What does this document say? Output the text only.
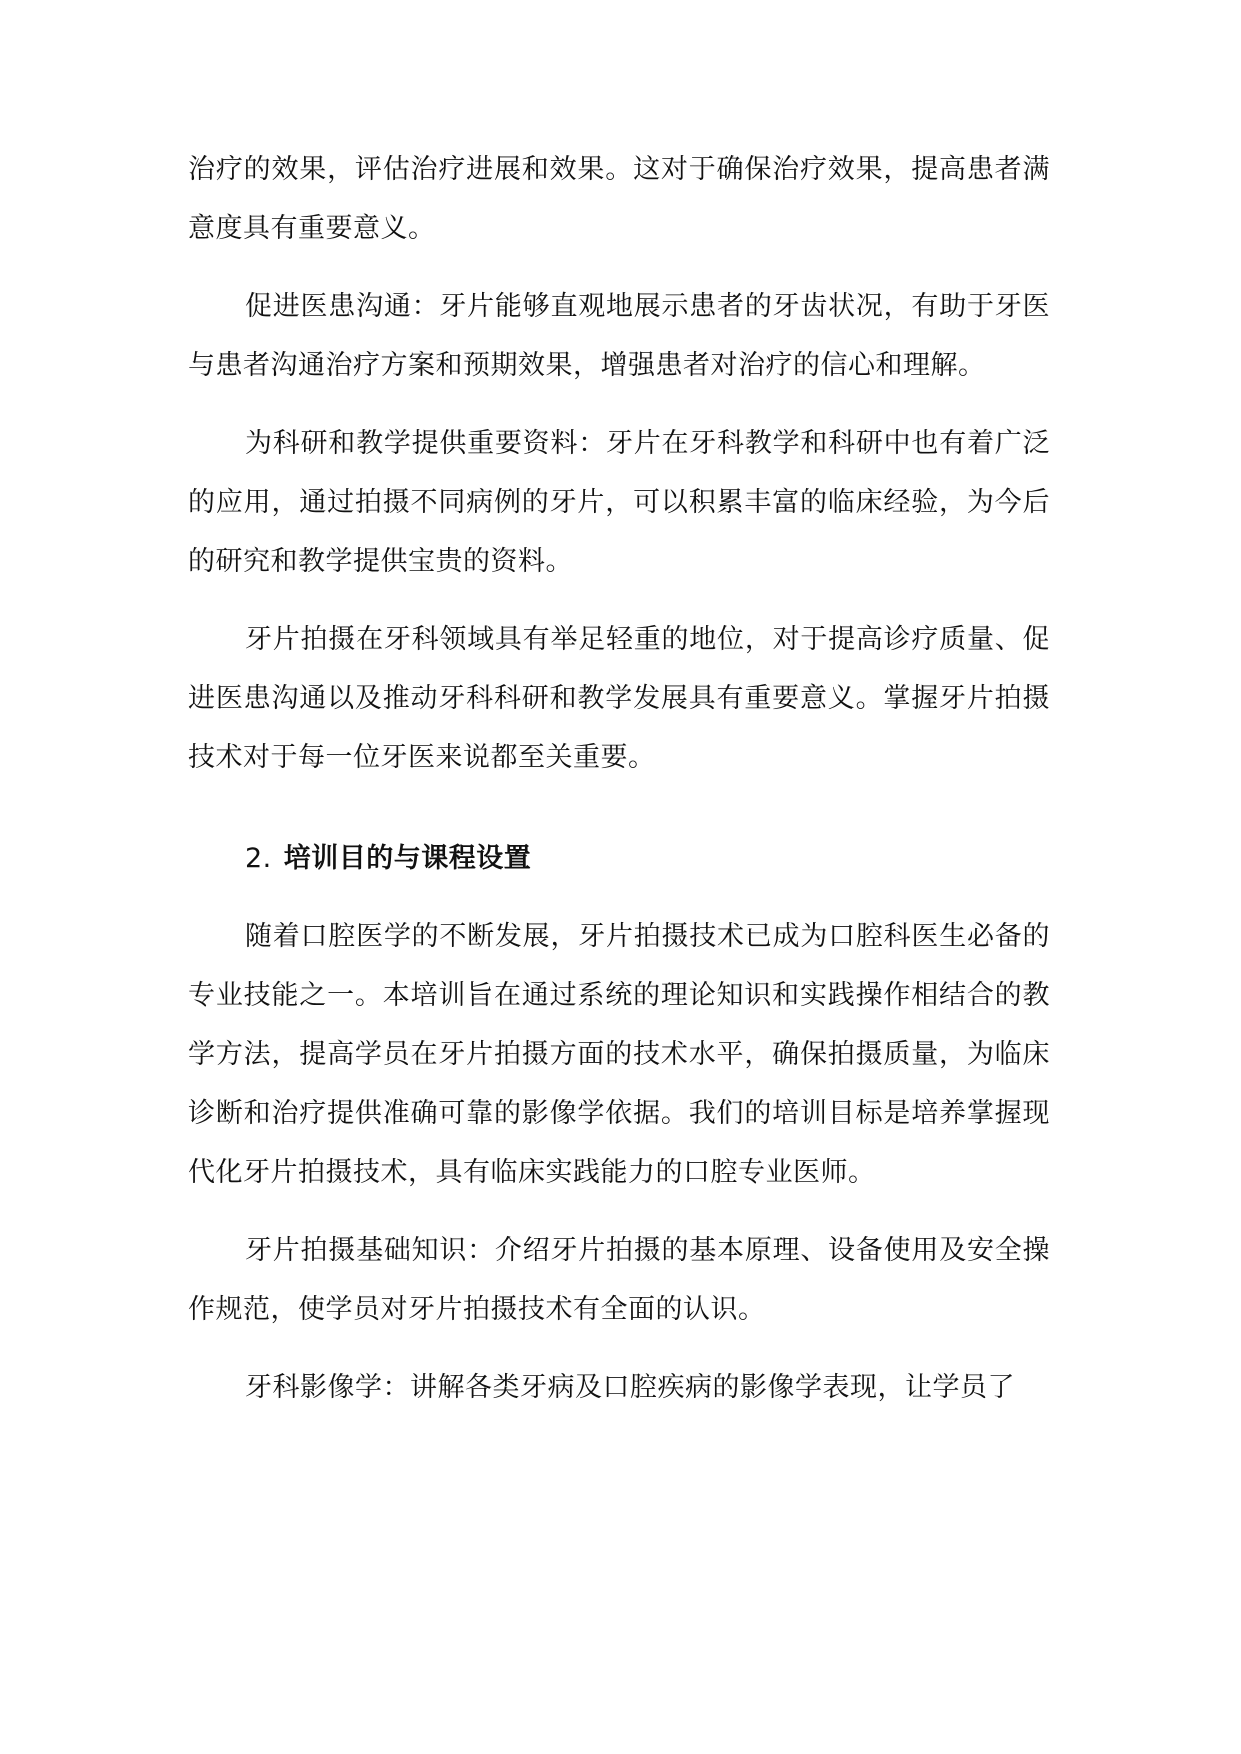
治疗的效果，评估治疗进展和效果。这对于确保治疗效果，提高患者满意度具有重要意义。

促进医患沟通：牙片能够直观地展示患者的牙齿状况，有助于牙医与患者沟通治疗方案和预期效果，增强患者对治疗的信心和理解。

为科研和教学提供重要资料：牙片在牙科教学和科研中也有着广泛的应用，通过拍摄不同病例的牙片，可以积累丰富的临床经验，为今后的研究和教学提供宝贵的资料。

牙片拍摄在牙科领域具有举足轻重的地位，对于提高诊疗质量、促进医患沟通以及推动牙科科研和教学发展具有重要意义。掌握牙片拍摄技术对于每一位牙医来说都至关重要。

2. 培训目的与课程设置

随着口腔医学的不断发展，牙片拍摄技术已成为口腔科医生必备的专业技能之一。本培训旨在通过系统的理论知识和实践操作相结合的教学方法，提高学员在牙片拍摄方面的技术水平，确保拍摄质量，为临床诊断和治疗提供准确可靠的影像学依据。我们的培训目标是培养掌握现代化牙片拍摄技术，具有临床实践能力的口腔专业医师。

牙片拍摄基础知识：介绍牙片拍摄的基本原理、设备使用及安全操作规范，使学员对牙片拍摄技术有全面的认识。

牙科影像学：讲解各类牙病及口腔疾病的影像学表现，让学员了
